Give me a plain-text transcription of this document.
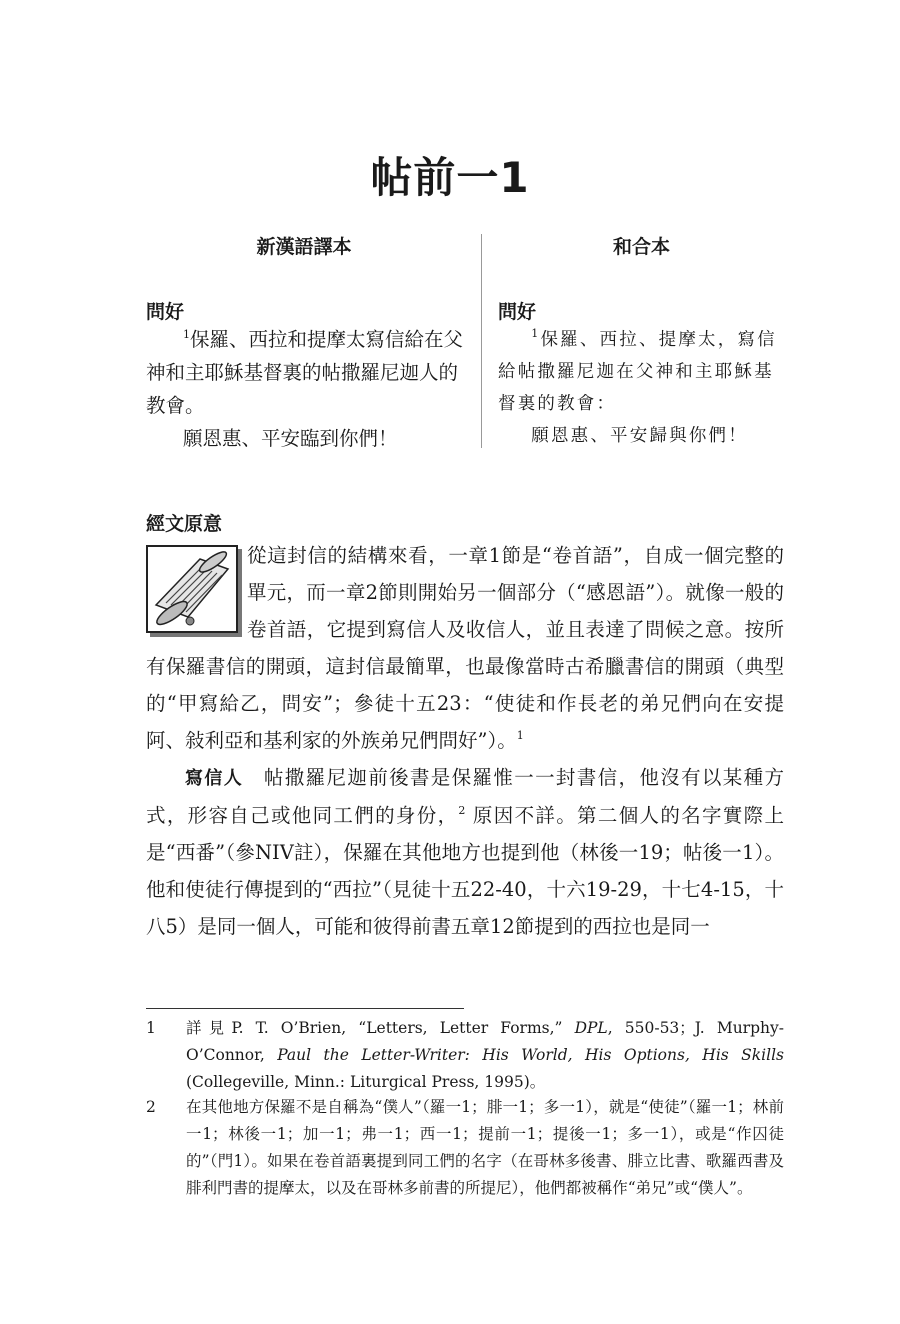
帖前一1
新漢語譯本	和合本
問好	問好

$^1$保羅、西拉和提摩太寫信給在父神和主耶穌基督裏的帖撒羅尼迦人的教會。

願恩惠、平安臨到你們！

$^1$保羅、西拉、提摩太，寫信給帖撒羅尼迦在父神和主耶穌基督裏的教會：

願恩惠、平安歸與你們！

經文原意

從這封信的結構來看，一章1節是“卷首語”，自成一個完整的單元，而一章2節則開始另一個部分（“感恩語”）。就像一般的卷首語，它提到寫信人及收信人，並且表達了問候之意。按所有保羅書信的開頭，這封信最簡單，也最像當時古希臘書信的開頭（典型的“甲寫給乙，問安”；參徒十五23：“使徒和作長老的弟兄們向在安提阿、敍利亞和基利家的外族弟兄們問好”）。$^1$

寫信人　帖撒羅尼迦前後書是保羅惟一一封書信，他沒有以某種方式，形容自己或他同工們的身份，$^2$ 原因不詳。第二個人的名字實際上是“西番”（參NIV註），保羅在其他地方也提到他（林後一19；帖後一1）。他和使徒行傳提到的“西拉”（見徒十五22-40，十六19-29，十七4-15，十八5）是同一個人，可能和彼得前書五章12節提到的西拉也是同一

1 詳見P. T. O’Brien, “Letters, Letter Forms,” DPL, 550-53；J. Murphy-O’Connor, Paul the Letter-Writer: His World, His Options, His Skills (Collegeville, Minn.: Liturgical Press, 1995)。
2 在其他地方保羅不是自稱為“僕人”（羅一1；腓一1；多一1），就是“使徒”（羅一1；林前一1；林後一1；加一1；弗一1；西一1；提前一1；提後一1；多一1），或是“作囚徒的”（門1）。如果在卷首語裏提到同工們的名字（在哥林多後書、腓立比書、歌羅西書及腓利門書的提摩太，以及在哥林多前書的所提尼），他們都被稱作“弟兄”或“僕人”。
